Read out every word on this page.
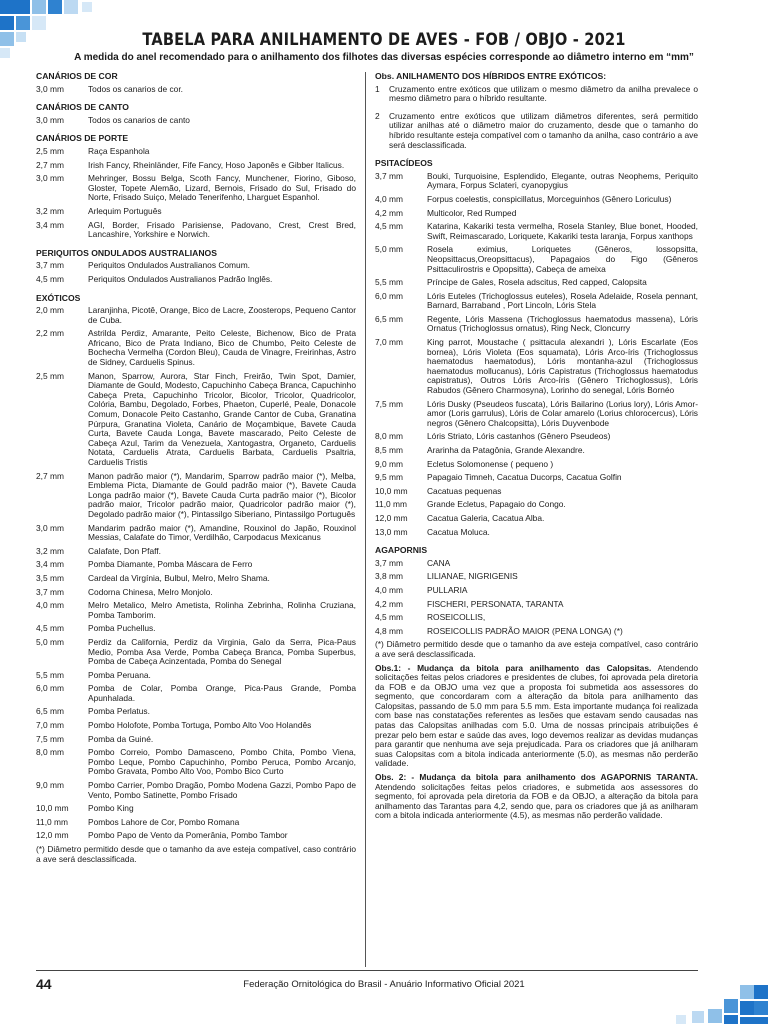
TABELA PARA ANILHAMENTO DE AVES - FOB / OBJO - 2021
A medida do anel recomendado para o anilhamento dos filhotes das diversas espécies corresponde ao diâmetro interno em “mm”
CANÁRIOS DE COR
3,0 mm	Todos os canarios de cor.
CANÁRIOS DE CANTO
3,0 mm	Todos os canarios de canto
CANÁRIOS DE PORTE
2,5 mm	Raça Espanhola
2,7 mm	Irish Fancy, Rheinländer, Fife Fancy, Hoso Japonês e Gibber Italicus.
3,0 mm	Mehringer, Bossu Belga, Scoth Fancy, Munchener, Fiorino, Giboso, Gloster, Topete Alemão, Lizard, Bernois, Frisado do Sul, Frisado do Norte, Frisado Suiço, Melado Tenerifenho, Lharguet Espanhol.
3,2 mm	Arlequim Português
3,4 mm	AGI, Border, Frisado Parisiense, Padovano, Crest, Crest Bred, Lancashire, Yorkshire e Norwich.
PERIQUITOS ONDULADOS AUSTRALIANOS
3,7 mm	Periquitos Ondulados Australianos Comum.
4,5 mm	Periquitos Ondulados Australianos Padrão Inglês.
EXÓTICOS
2,0 mm	Laranjinha, Picotê, Orange, Bico de Lacre, Zoosterops, Pequeno Cantor de Cuba.
2,2 mm	Astrilda Perdiz, Amarante, Peito Celeste, Bichenow, Bico de Prata Africano, Bico de Prata Indiano, Bico de Chumbo, Peito Celeste de Bochecha Vermelha (Cordon Bleu), Cauda de Vinagre, Freirinhas, Astro de Sidney, Carduelis Spinus.
2,5 mm	Manon, Sparrow, Aurora, Star Finch, Freirão, Twin Spot, Damier, Diamante de Gould, Modesto, Capuchinho Cabeça Branca, Capuchinho Cabeça Preta, Capuchinho Tricolor, Bicolor, Tricolor, Quadricolor, Colória, Bambu, Degolado, Forbes, Phaeton, Cuperlé, Peale, Donacole Comum, Donacole Peito Castanho, Grande Cantor de Cuba, Granatina Púrpura, Granatina Violeta, Canário de Moçambique, Bavete Cauda Curta, Bavete Cauda Longa, Bavete mascarado, Peito Celeste de Cabeça Azul, Tarim da Venezuela, Xantogastra, Organeto, Carduelis Notata, Carduelis Atrata, Carduelis Barbata, Carduelis Psaltria, Carduelis Tristis
2,7 mm	Manon padrão maior (*), Mandarim, Sparrow padrão maior (*), Melba, Emblema Picta, Diamante de Gould padrão maior (*), Bavete Cauda Longa padrão maior (*), Bavete Cauda Curta padrão maior (*), Bicolor padrão maior, Tricolor padrão maior, Quadricolor padrão maior (*), Degolado padrão maior (*), Pintassilgo Siberiano, Pintassilgo Português
3,0 mm	Mandarim padrão maior (*), Amandine, Rouxinol do Japão, Rouxinol Messias, Calafate do Timor, Verdilhão, Carpodacus Mexicanus
3,2 mm	Calafate, Don Pfaff.
3,4 mm	Pomba Diamante, Pomba Máscara de Ferro
3,5 mm	Cardeal da Virgínia, Bulbul, Melro, Melro Shama.
3,7 mm	Codorna Chinesa, Melro Monjolo.
4,0 mm	Melro Metalico, Melro Ametista, Rolinha Zebrinha, Rolinha Cruziana, Pomba Tamborim.
4,5 mm	Pomba Puchellus.
5,0 mm	Perdiz da California, Perdiz da Virginia, Galo da Serra, Pica-Paus Medio, Pomba Asa Verde, Pomba Cabeça Branca, Pomba Superbus, Pomba de Cabeça Acinzentada, Pomba do Senegal
5,5 mm	Pomba Peruana.
6,0 mm	Pomba de Colar, Pomba Orange, Pica-Paus Grande, Pomba Apunhalada.
6,5 mm	Pomba Perlatus.
7,0 mm	Pombo Holofote, Pomba Tortuga, Pombo Alto Voo Holandês
7,5 mm	Pomba da Guiné.
8,0 mm	Pombo Correio, Pombo Damasceno, Pombo Chita, Pombo Viena, Pombo Leque, Pombo Capuchinho, Pombo Peruca, Pombo Arcanjo, Pombo Gravata, Pombo Alto Voo, Pombo Bico Curto
9,0 mm	Pombo Carrier, Pombo Dragão, Pombo Modena Gazzi, Pombo Papo de Vento, Pombo Satinette, Pombo Frisado
10,0 mm	Pombo King
11,0 mm	Pombos Lahore de Cor, Pombo Romana
12,0 mm	Pombo Papo de Vento da Pomerânia, Pombo Tambor
(*) Diâmetro permitido desde que o tamanho da ave esteja compatível, caso contrário a ave será desclassificada.
Obs. ANILHAMENTO DOS HÍBRIDOS ENTRE EXÓTICOS:
1	Cruzamento entre exóticos que utilizam o mesmo diâmetro da anilha prevalece o mesmo diâmetro para o híbrido resultante.
2	Cruzamento entre exóticos que utilizam diâmetros diferentes, será permitido utilizar anilhas até o diâmetro maior do cruzamento, desde que o tamanho do híbrido resultante esteja compatível com o tamanho da anilha, caso contrário a ave será desclassificada.
PSITACÍDEOS
3,7 mm	Bouki, Turquoisine, Esplendido, Elegante, outras Neophems, Periquito Aymara, Forpus Sclateri, cyanopygius
4,0 mm	Forpus coelestis, conspicillatus, Morceguinhos (Gênero Loriculus)
4,2 mm	Multicolor, Red Rumped
4,5 mm	Katarina, Kakariki testa vermelha, Rosela Stanley, Blue bonet, Hooded, Swift, Reimascarado, Loriquete, Kakariki testa laranja, Forpus xanthops
5,0 mm	Rosela eximius, Loriquetes (Gêneros, lossopsitta, Neopsittacus,Oreopsittacus), Papagaios do Figo (Gêneros Psittaculirostris e Opopsitta), Cabeça de ameixa
5,5 mm	Príncipe de Gales, Rosela adscitus, Red capped, Calopsita
6,0 mm	Lóris Euteles (Trichoglossus euteles), Rosela Adelaide, Rosela pennant, Barnard, Barraband , Port Lincoln, Lóris Stela
6,5 mm	Regente, Lóris Massena (Trichoglossus haematodus massena), Lóris Ornatus (Trichoglossus ornatus), Ring Neck, Cloncurry
7,0 mm	King parrot, Moustache ( psittacula alexandri ), Lóris Escarlate (Eos bornea), Lóris Violeta (Eos squamata), Lóris Arco-íris (Trichoglossus haematodus haematodus), Lóris montanha-azul (Trichoglossus haematodus mollucanus), Lóris Capistratus (Trichoglossus haematodus capistratus), Outros Lóris Arco-íris (Gênero Trichoglossus), Lóris Rabudos (Gênero Charmosyna), Lorinho do senegal, Lóris Bornéo
7,5 mm	Lóris Dusky (Pseudeos fuscata), Lóris Bailarino (Lorius lory), Lóris Amor-amor (Loris garrulus), Lóris de Colar amarelo (Lorius chlorocercus), Lóris negros (Gênero Chalcopsitta), Lóris Duyvenbode
8,0 mm	Lóris Striato, Lóris castanhos (Gênero Pseudeos)
8,5 mm	Ararinha da Patagônia, Grande Alexandre.
9,0 mm	Ecletus Solomonense ( pequeno )
9,5 mm	Papagaio Timneh, Cacatua Ducorps, Cacatua Golfin
10,0 mm	Cacatuas pequenas
11,0 mm	Grande Ecletus, Papagaio do Congo.
12,0 mm	Cacatua Galeria, Cacatua Alba.
13,0 mm	Cacatua Moluca.
AGAPORNIS
3,7 mm	CANA
3,8 mm	LILIANAE, NIGRIGENIS
4,0 mm	PULLARIA
4,2 mm	FISCHERI, PERSONATA, TARANTA
4,5 mm	ROSEICOLLIS,
4,8 mm	ROSEICOLLIS PADRÃO MAIOR (PENA LONGA) (*)
(*) Diâmetro permitido desde que o tamanho da ave esteja compatível, caso contrário a ave será desclassificada.
Obs.1: - Mudança da bitola para anilhamento das Calopsitas. Atendendo solicitações feitas pelos criadores e presidentes de clubes, foi aprovada pela diretoria da FOB e da OBJO uma vez que a proposta foi submetida aos assessores do segmento, que concordaram com a alteração da bitola para anilhamento das Calopsitas, passando de 5.0 mm para 5.5 mm. Esta importante mudança foi realizada com base nas constatações referentes as lesões que estavam sendo causadas nas patas das Calopsitas anilhadas com 5.0. Uma de nossas principais atribuições é prezar pelo bem estar e saúde das aves, logo devemos realizar as devidas mudanças para garantir que nenhuma ave seja prejudicada. Para os criadores que já anilharam suas Calopsitas com a bitola indicada anteriormente (5.0), as mesmas não perderão validade.
Obs. 2: - Mudança da bitola para anilhamento dos AGAPORNIS TARANTA. Atendendo solicitações feitas pelos criadores, e submetida aos assessores do segmento, foi aprovada pela diretoria da FOB e da OBJO, a alteração da bitola para anilhamento das Tarantas para 4,2, sendo que, para os criadores que já as anilharam com a bitola indicada anteriormente (4.5), as mesmas não perderão validade.
44	Federação Ornitológica do Brasil - Anuário Informativo Oficial 2021
